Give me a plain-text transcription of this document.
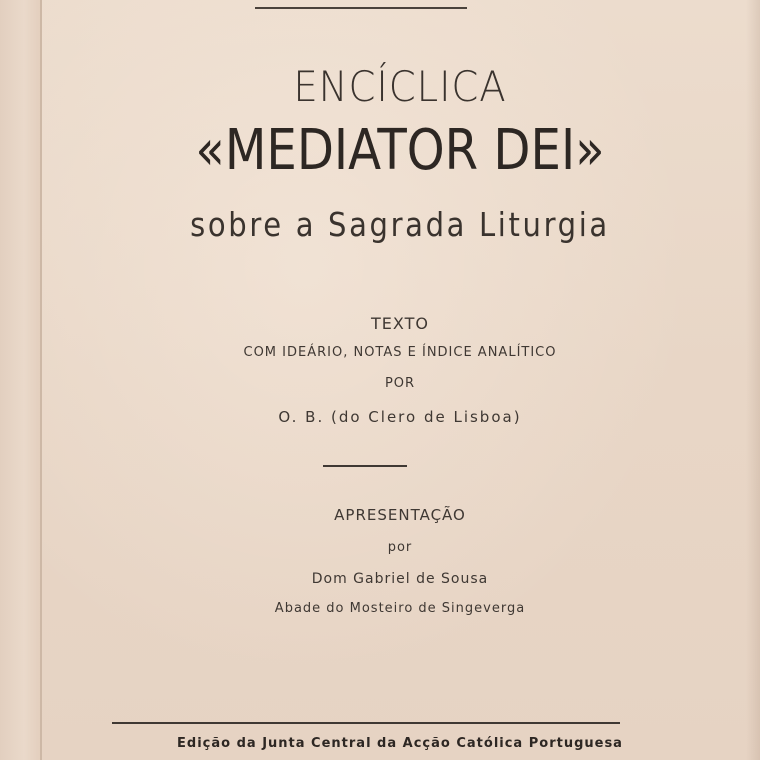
ENCÍCLICA
«MEDIATOR DEI»
sobre a Sagrada Liturgia
TEXTO
COM IDEÁRIO, NOTAS E ÍNDICE ANALÍTICO
POR
O. B. (do Clero de Lisboa)
APRESENTAÇÃO
por
Dom Gabriel de Sousa
Abade do Mosteiro de Singeverga
Edição da Junta Central da Acção Católica Portuguesa
